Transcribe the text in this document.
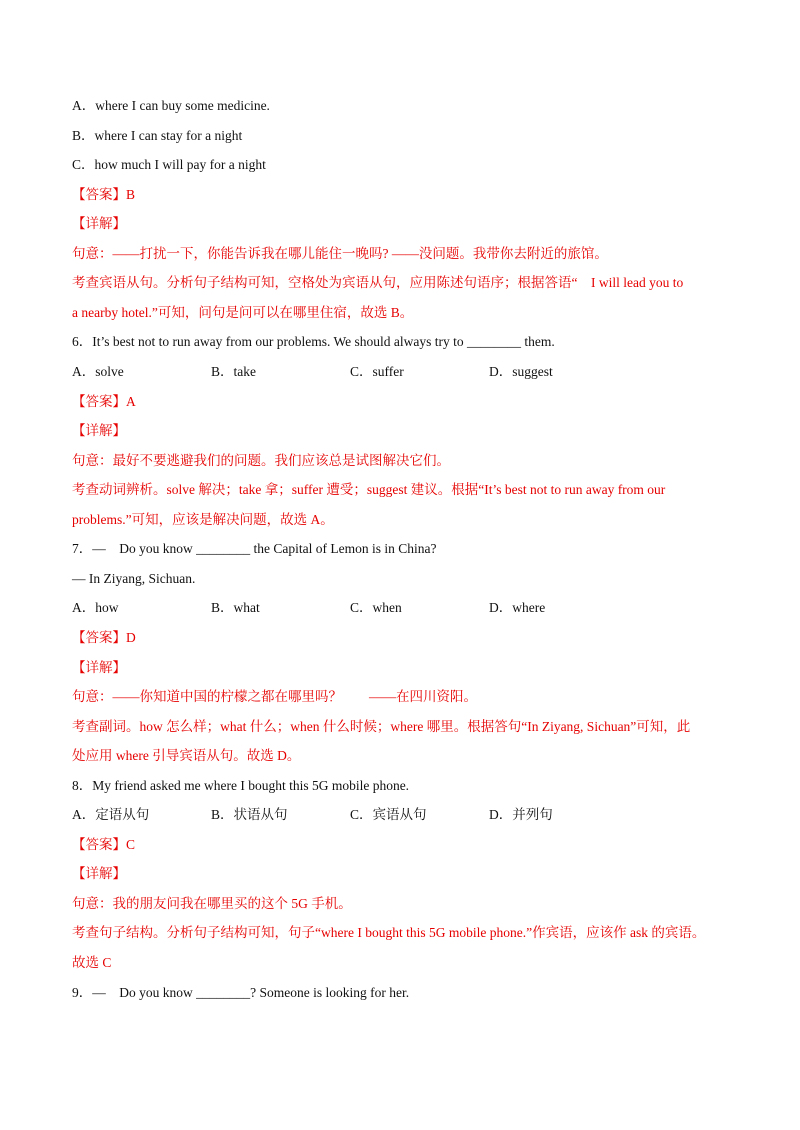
A．where I can buy some medicine.
B．where I can stay for a night
C．how much I will pay for a night
【答案】B
【详解】
句意：——打扰一下，你能告诉我在哪儿能住一晚吗? ——没问题。我带你去附近的旅馆。
考查宾语从句。分析句子结构可知，空格处为宾语从句，应用陈述句语序；根据答语“　I will lead you to
a nearby hotel.”可知，问句是问可以在哪里住宿，故选 B。
6．It’s best not to run away from our problems. We should always try to ________ them.
A．solve	B．take	C．suffer	D．suggest
【答案】A
【详解】
句意：最好不要逃避我们的问题。我们应该总是试图解决它们。
考查动词辨析。solve 解决；take 拿；suffer 遭受；suggest 建议。根据“It’s best not to run away from our
problems.”可知，应该是解决问题，故选 A。
7．—　Do you know ________ the Capital of Lemon is in China?
— In Ziyang, Sichuan.
A．how	B．what	C．when	D．where
【答案】D
【详解】
句意：——你知道中国的柠檬之都在哪里吗？　　——在四川资阳。
考查副词。how 怎么样；what 什么；when 什么时候；where 哪里。根据答句“In Ziyang, Sichuan”可知，此
处应用 where 引导宾语从句。故选 D。
8．My friend asked me where I bought this 5G mobile phone.
A．定语从句	B．状语从句	C．宾语从句	D．并列句
【答案】C
【详解】
句意：我的朋友问我在哪里买的这个 5G 手机。
考查句子结构。分析句子结构可知，句子“where I bought this 5G mobile phone.”作宾语，应该作 ask 的宾语。
故选 C
9．—　Do you know ________? Someone is looking for her.
